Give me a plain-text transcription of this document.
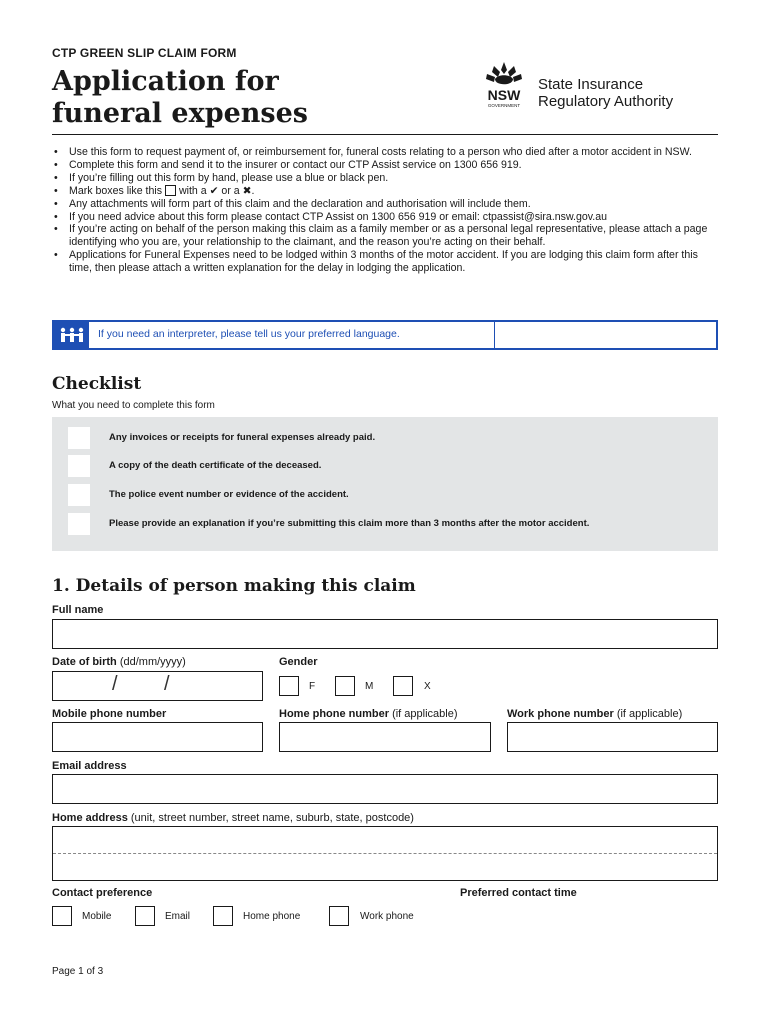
CTP GREEN SLIP CLAIM FORM
Application for
funeral expenses
NSW
GOVERNMENT
State Insurance
Regulatory Authority
• Use this form to request payment of, or reimbursement for, funeral costs relating to a person who died after a motor accident in NSW.
• Complete this form and send it to the insurer or contact our CTP Assist service on 1300 656 919.
• If you’re filling out this form by hand, please use a blue or black pen.
• Mark boxes like this with a ✔ or a ✖.
• Any attachments will form part of this claim and the declaration and authorisation will include them.
• If you need advice about this form please contact CTP Assist on 1300 656 919 or email: ctpassist@sira.nsw.gov.au
• If you’re acting on behalf of the person making this claim as a family member or as a personal legal representative, please attach a page identifying who you are, your relationship to the claimant, and the reason you’re acting on their behalf.
• Applications for Funeral Expenses need to be lodged within 3 months of the motor accident. If you are lodging this claim form after this time, then please attach a written explanation for the delay in lodging the application.
If you need an interpreter, please tell us your preferred language.
Checklist
What you need to complete this form
Any invoices or receipts for funeral expenses already paid.
A copy of the death certificate of the deceased.
The police event number or evidence of the accident.
Please provide an explanation if you’re submitting this claim more than 3 months after the motor accident.
1. Details of person making this claim
Full name
Date of birth (dd/mm/yyyy)
/ /
Gender
F	M	X
Mobile phone number	Home phone number (if applicable)	Work phone number (if applicable)
Email address
Home address (unit, street number, street name, suburb, state, postcode)
Contact preference
Mobile	Email	Home phone	Work phone
Preferred contact time
Page 1 of 3
